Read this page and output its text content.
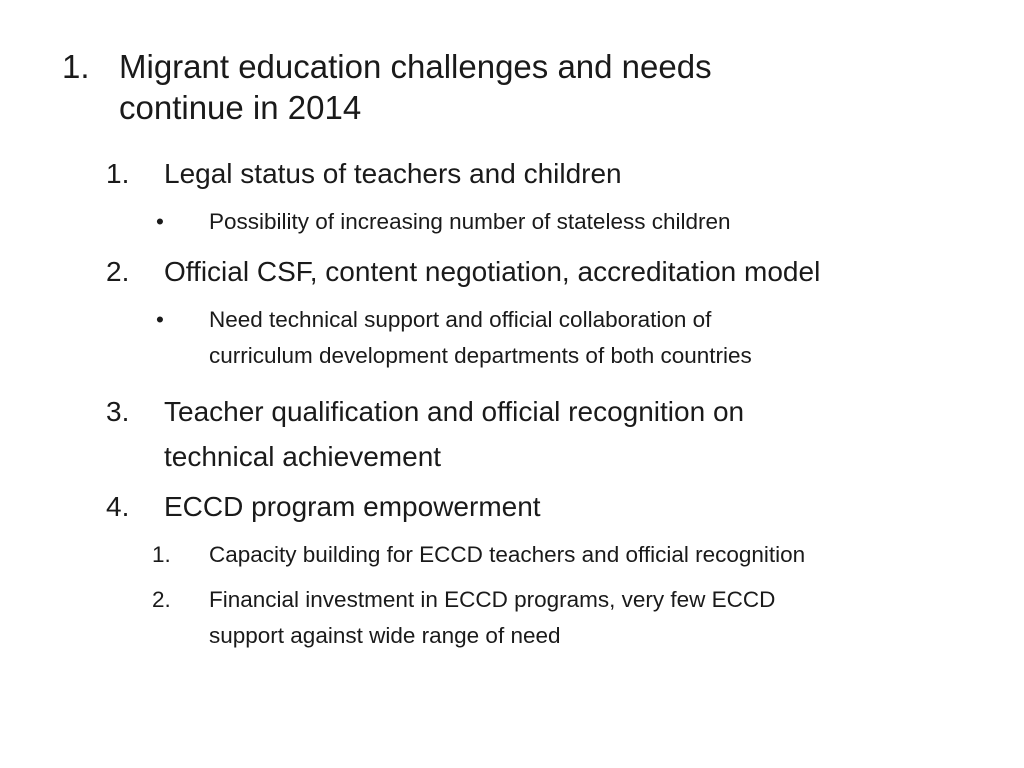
1. Migrant education challenges and needs
continue in 2014
1.	Legal status of teachers and children
•	Possibility of increasing number of stateless children
2.	Official CSF, content negotiation, accreditation model
•	Need technical support and official collaboration of
curriculum development departments of both countries
3.	Teacher qualification and official recognition on
technical achievement
4.	ECCD program empowerment
1.	Capacity building for ECCD teachers and official recognition
2.	Financial investment in ECCD programs, very few ECCD
support against wide range of need
